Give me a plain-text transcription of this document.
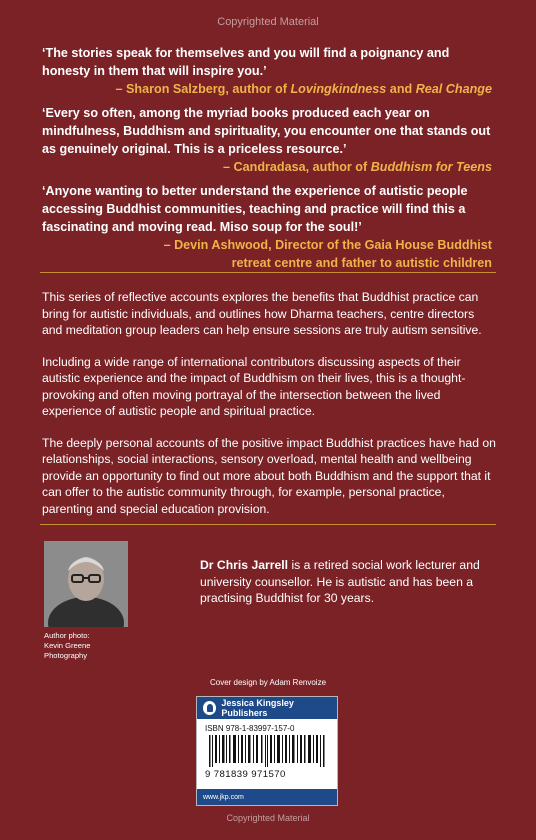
Copyrighted Material
‘The stories speak for themselves and you will find a poignancy and honesty in them that will inspire you.’
– Sharon Salzberg, author of Lovingkindness and Real Change
‘Every so often, among the myriad books produced each year on mindfulness, Buddhism and spirituality, you encounter one that stands out as genuinely original. This is a priceless resource.’
– Candradasa, author of Buddhism for Teens
‘Anyone wanting to better understand the experience of autistic people accessing Buddhist communities, teaching and practice will find this a fascinating and moving read. Miso soup for the soul!’
– Devin Ashwood, Director of the Gaia House Buddhist
retreat centre and father to autistic children

This series of reflective accounts explores the benefits that Buddhist practice can bring for autistic individuals, and outlines how Dharma teachers, centre directors and meditation group leaders can help ensure sessions are truly autism sensitive.

Including a wide range of international contributors discussing aspects of their autistic experience and the impact of Buddhism on their lives, this is a thought-provoking and often moving portrayal of the intersection between the lived experience of autistic people and spiritual practice.

The deeply personal accounts of the positive impact Buddhist practices have had on relationships, social interactions, sensory overload, mental health and wellbeing provide an opportunity to find out more about both Buddhism and the support that it can offer to the autistic community through, for example, personal practice, parenting and special education provision.

Author photo:
Kevin Greene
Photography
Dr Chris Jarrell is a retired social work lecturer and university counsellor. He is autistic and has been a practising Buddhist for 30 years.
Cover design by Adam Renvoize
Jessica Kingsley Publishers
ISBN 978-1-83997-157-0
9 781839 971570
www.jkp.com
Copyrighted Material
